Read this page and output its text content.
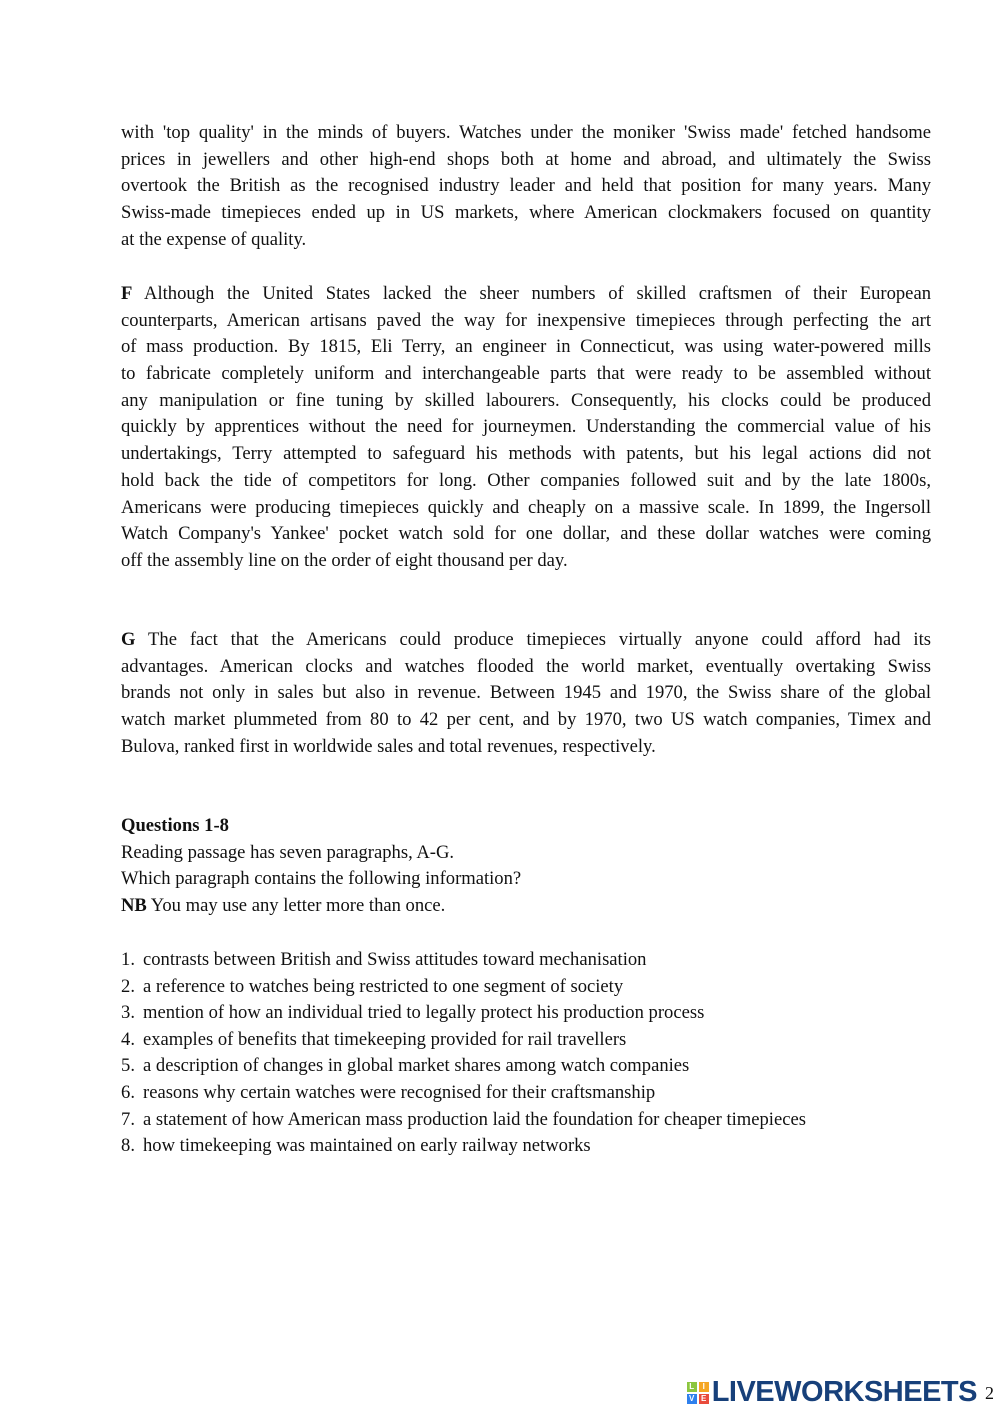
with 'top quality' in the minds of buyers. Watches under the moniker 'Swiss made' fetched handsome
prices in jewellers and other high-end shops both at home and abroad, and ultimately the Swiss
overtook the British as the recognised industry leader and held that position for many years. Many
Swiss-made timepieces ended up in US markets, where American clockmakers focused on quantity
at the expense of quality.
F Although the United States lacked the sheer numbers of skilled craftsmen of their European
counterparts, American artisans paved the way for inexpensive timepieces through perfecting the art
of mass production. By 1815, Eli Terry, an engineer in Connecticut, was using water-powered mills
to fabricate completely uniform and interchangeable parts that were ready to be assembled without
any manipulation or fine tuning by skilled labourers. Consequently, his clocks could be produced
quickly by apprentices without the need for journeymen. Understanding the commercial value of his
undertakings, Terry attempted to safeguard his methods with patents, but his legal actions did not
hold back the tide of competitors for long. Other companies followed suit and by the late 1800s,
Americans were producing timepieces quickly and cheaply on a massive scale. In 1899, the Ingersoll
Watch Company's Yankee' pocket watch sold for one dollar, and these dollar watches were coming
off the assembly line on the order of eight thousand per day.
G The fact that the Americans could produce timepieces virtually anyone could afford had its
advantages. American clocks and watches flooded the world market, eventually overtaking Swiss
brands not only in sales but also in revenue. Between 1945 and 1970, the Swiss share of the global
watch market plummeted from 80 to 42 per cent, and by 1970, two US watch companies, Timex and
Bulova, ranked first in worldwide sales and total revenues, respectively.
Questions 1-8
Reading passage has seven paragraphs, A-G.
Which paragraph contains the following information?
NB You may use any letter more than once.
1. contrasts between British and Swiss attitudes toward mechanisation
2. a reference to watches being restricted to one segment of society
3. mention of how an individual tried to legally protect his production process
4. examples of benefits that timekeeping provided for rail travellers
5. a description of changes in global market shares among watch companies
6. reasons why certain watches were recognised for their craftsmanship
7. a statement of how American mass production laid the foundation for cheaper timepieces
8. how timekeeping was maintained on early railway networks
L	I
V E LIVEWORKSHEETS 2
